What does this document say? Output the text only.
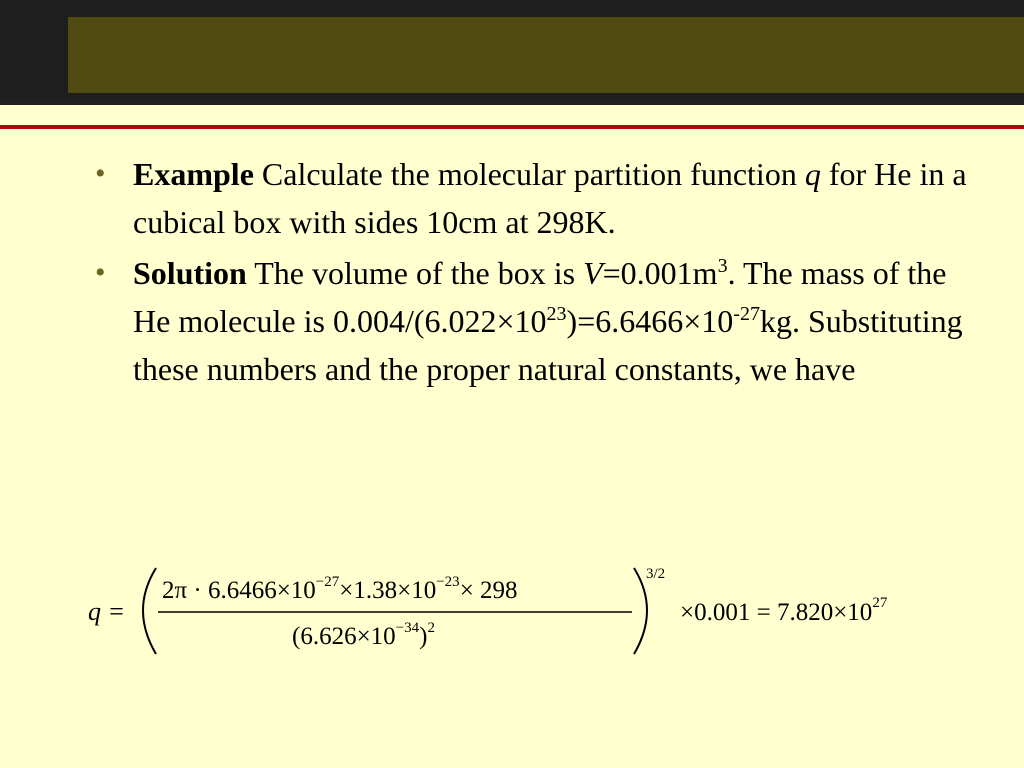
• Example Calculate the molecular partition function q for He in a cubical box with sides 10cm at 298K.
• Solution The volume of the box is $V=0.001m^3$. The mass of the He molecule is $0.004/(6.022\times 10^{23})=6.6466\times 10^{-27}kg$. Substituting these numbers and the proper natural constants, we have
q =
$2\pi \cdot 6.6466\times 10^{-27}\times 1.38\times 10^{-23}\times 298$
$(6.626\times 10^{-34})^2$
3/2
$\times 0.001 = 7.820\times 10^{27}$
